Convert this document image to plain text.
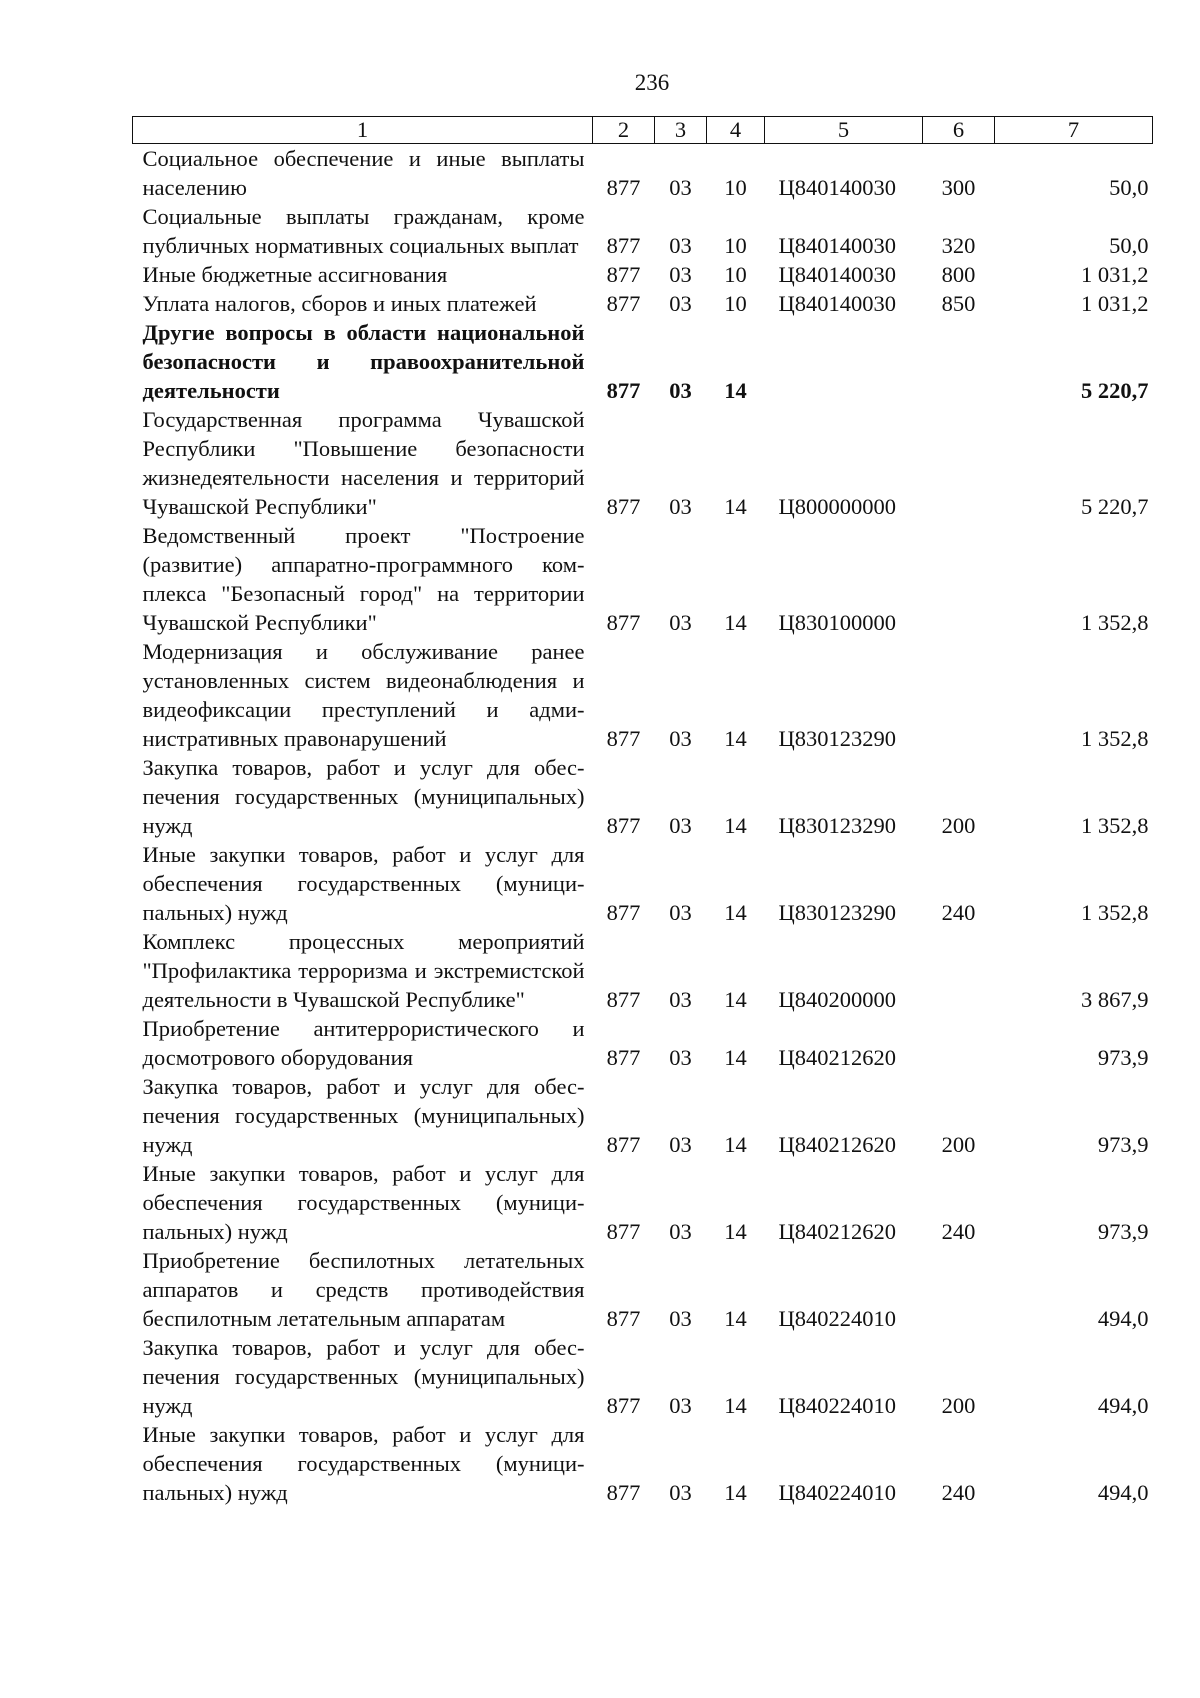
236
1	2	3	4	5	6	7
Социальное обеспечение и иные выплаты населению	877	03	10	Ц840140030	300	50,0
Социальные выплаты гражданам, кроме публичных нормативных социальных выплат	877	03	10	Ц840140030	320	50,0
Иные бюджетные ассигнования	877	03	10	Ц840140030	800	1 031,2
Уплата налогов, сборов и иных платежей	877	03	10	Ц840140030	850	1 031,2
Другие вопросы в области национальной безопасности и правоохранительной деятельности	877	03	14			5 220,7
Государственная программа Чувашской Республики "Повышение безопасности жизнедеятельности населения и территорий Чувашской Республики"	877	03	14	Ц800000000		5 220,7
Ведомственный проект "Построение (развитие) аппаратно-программного комплекса "Безопасный город" на территории Чувашской Республики"	877	03	14	Ц830100000		1 352,8
Модернизация и обслуживание ранее установленных систем видеонаблюдения и видеофиксации преступлений и административных правонарушений	877	03	14	Ц830123290		1 352,8
Закупка товаров, работ и услуг для обеспечения государственных (муниципальных) нужд	877	03	14	Ц830123290	200	1 352,8
Иные закупки товаров, работ и услуг для обеспечения государственных (муниципальных) нужд	877	03	14	Ц830123290	240	1 352,8
Комплекс процессных мероприятий "Профилактика терроризма и экстремистской деятельности в Чувашской Республике"	877	03	14	Ц840200000		3 867,9
Приобретение антитеррористического и досмотрового оборудования	877	03	14	Ц840212620		973,9
Закупка товаров, работ и услуг для обеспечения государственных (муниципальных) нужд	877	03	14	Ц840212620	200	973,9
Иные закупки товаров, работ и услуг для обеспечения государственных (муниципальных) нужд	877	03	14	Ц840212620	240	973,9
Приобретение беспилотных летательных аппаратов и средств противодействия беспилотным летательным аппаратам	877	03	14	Ц840224010		494,0
Закупка товаров, работ и услуг для обеспечения государственных (муниципальных) нужд	877	03	14	Ц840224010	200	494,0
Иные закупки товаров, работ и услуг для обеспечения государственных (муниципальных) нужд	877	03	14	Ц840224010	240	494,0
